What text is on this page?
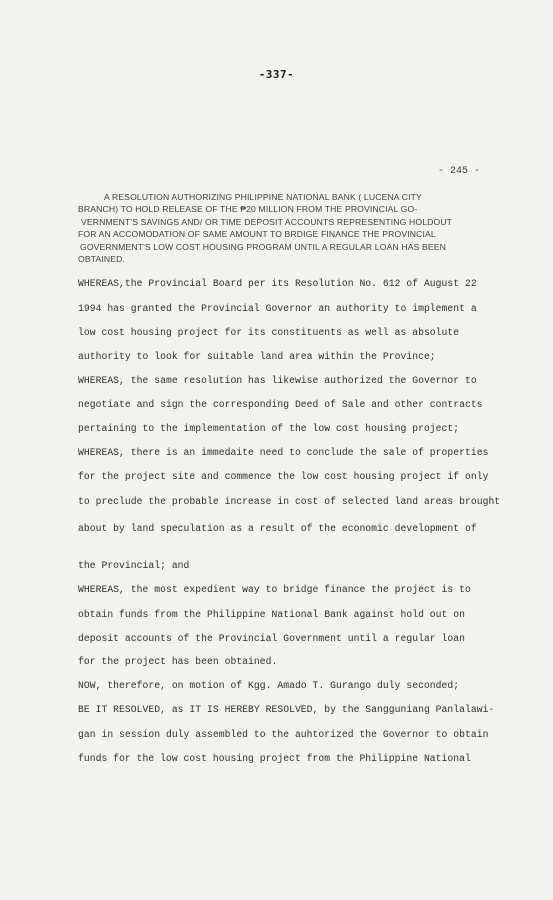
-337-
- 245 -
A RESOLUTION AUTHORIZING PHILIPPINE NATIONAL BANK ( LUCENA CITY
BRANCH) TO HOLD RELEASE OF THE ₱20 MILLION FROM THE PROVINCIAL GO-
VERNMENT'S SAVINGS AND/ OR TIME DEPOSIT ACCOUNTS REPRESENTING HOLDOUT
FOR AN ACCOMODATION OF SAME AMOUNT TO BRDIGE FINANCE THE PROVINCIAL
GOVERNMENT'S LOW COST HOUSING PROGRAM UNTIL A REGULAR LOAN HAS BEEN
OBTAINED.
WHEREAS,the Provincial Board per its Resolution No. 612 of August 22
1994 has granted the Provincial Governor an authority to implement a
low cost housing project for its constituents as well as absolute
authority to look for suitable land area within the Province;
WHEREAS, the same resolution has likewise authorized the Governor to
negotiate and sign the corresponding Deed of Sale and other contracts
pertaining to the implementation of the low cost housing project;
WHEREAS, there is an immedaite need to conclude the sale of properties
for the project site and commence the low cost housing project if only
to preclude the probable increase in cost of selected land areas brought
about by land speculation as a result of the economic development of
the Provincial; and
WHEREAS, the most expedient way to bridge finance the project is to
obtain funds from the Philippine National Bank against hold out on
deposit accounts of the Provincial Government until a regular loan
for the project has been obtained.
NOW, therefore, on motion of Kgg. Amado T. Gurango duly seconded;
BE IT RESOLVED, as IT IS HEREBY RESOLVED, by the Sangguniang Panlalawi-
gan in session duly assembled to the auhtorized the Governor to obtain
funds for the low cost housing project from the Philippine National
